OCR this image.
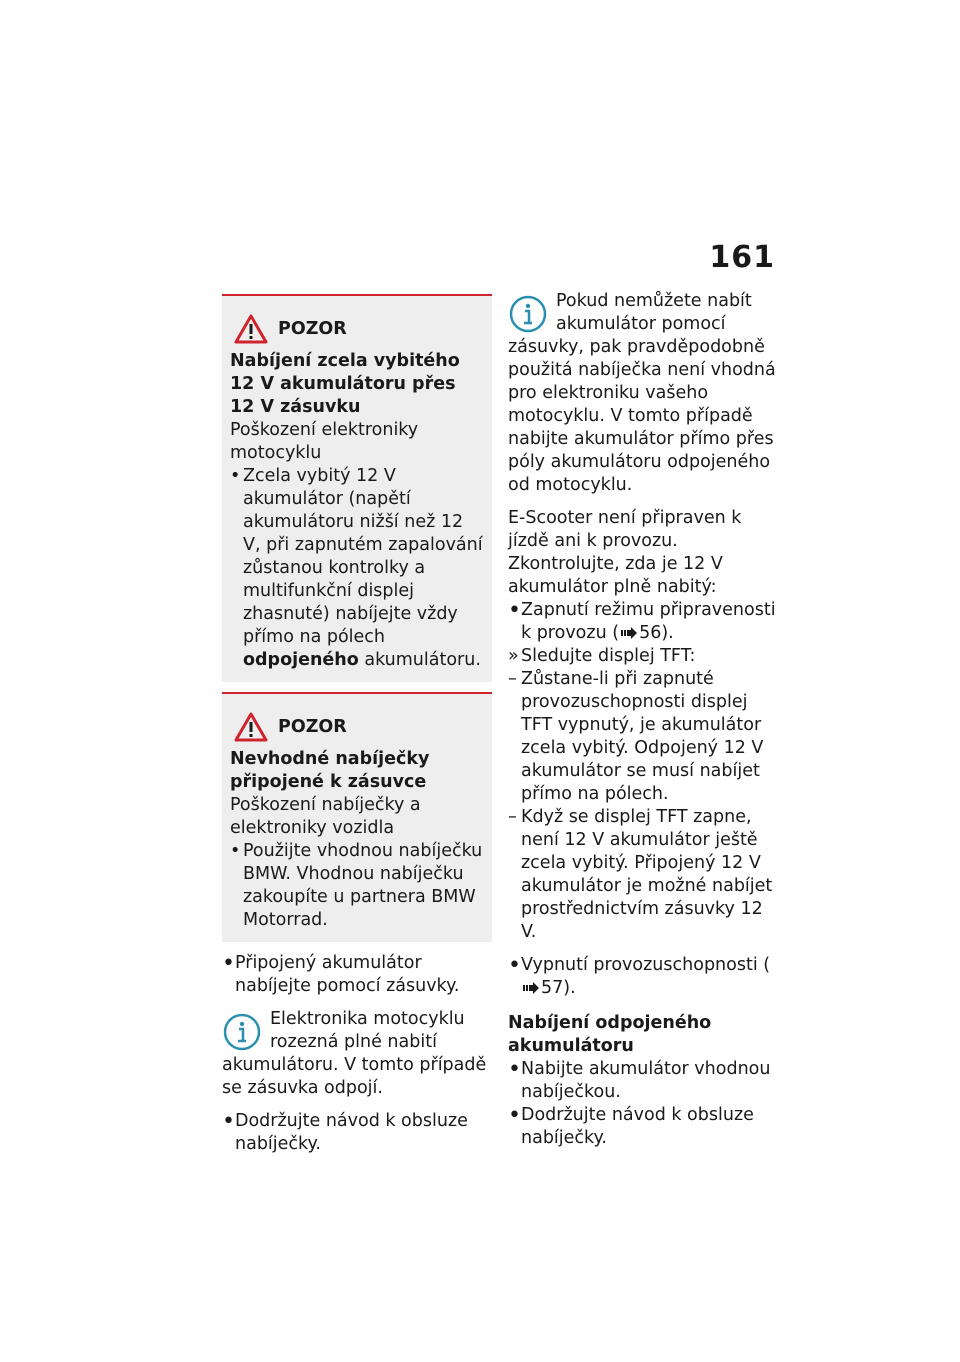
161
POZOR

Nabíjení zcela vybitého 12 V akumulátoru přes 12 V zásuvku

Poškození elektroniky motocyklu

• Zcela vybitý 12 V akumulátor (napětí akumulátoru nižší než 12 V, při zapnutém zapalování zůstanou kontrolky a multifunkční displej zhasnuté) nabíjejte vždy přímo na pólech odpojeného akumulátoru.
POZOR

Nevhodné nabíječky připojené k zásuvce

Poškození nabíječky a elektroniky vozidla

• Použijte vhodnou nabíječku BMW. Vhodnou nabíječku zakoupíte u partnera BMW Motorrad.
• Připojený akumulátor nabíjejte pomocí zásuvky.
Elektronika motocyklu rozezná plné nabití akumulátoru. V tomto případě se zásuvka odpojí.
• Dodržujte návod k obsluze nabíječky.
Pokud nemůžete nabít akumulátor pomocí zásuvky, pak pravděpodobně použitá nabíječka není vhodná pro elektroniku vašeho motocyklu. V tomto případě nabijte akumulátor přímo přes póly akumulátoru odpojeného od motocyklu.

E-Scooter není připraven k jízdě ani k provozu. Zkontrolujte, zda je 12 V akumulátor plně nabitý:

• Zapnutí režimu připravenosti k provozu ( 56).
» Sledujte displej TFT:
– Zůstane-li při zapnuté provozuschopnosti displej TFT vypnutý, je akumulátor zcela vybitý. Odpojený 12 V akumulátor se musí nabíjet přímo na pólech.
– Když se displej TFT zapne, není 12 V akumulátor ještě zcela vybitý. Připojený 12 V akumulátor je možné nabíjet prostřednictvím zásuvky 12 V.
• Vypnutí provozuschopnosti (57).
Nabíjení odpojeného akumulátoru
• Nabijte akumulátor vhodnou nabíječkou.
• Dodržujte návod k obsluze nabíječky.
